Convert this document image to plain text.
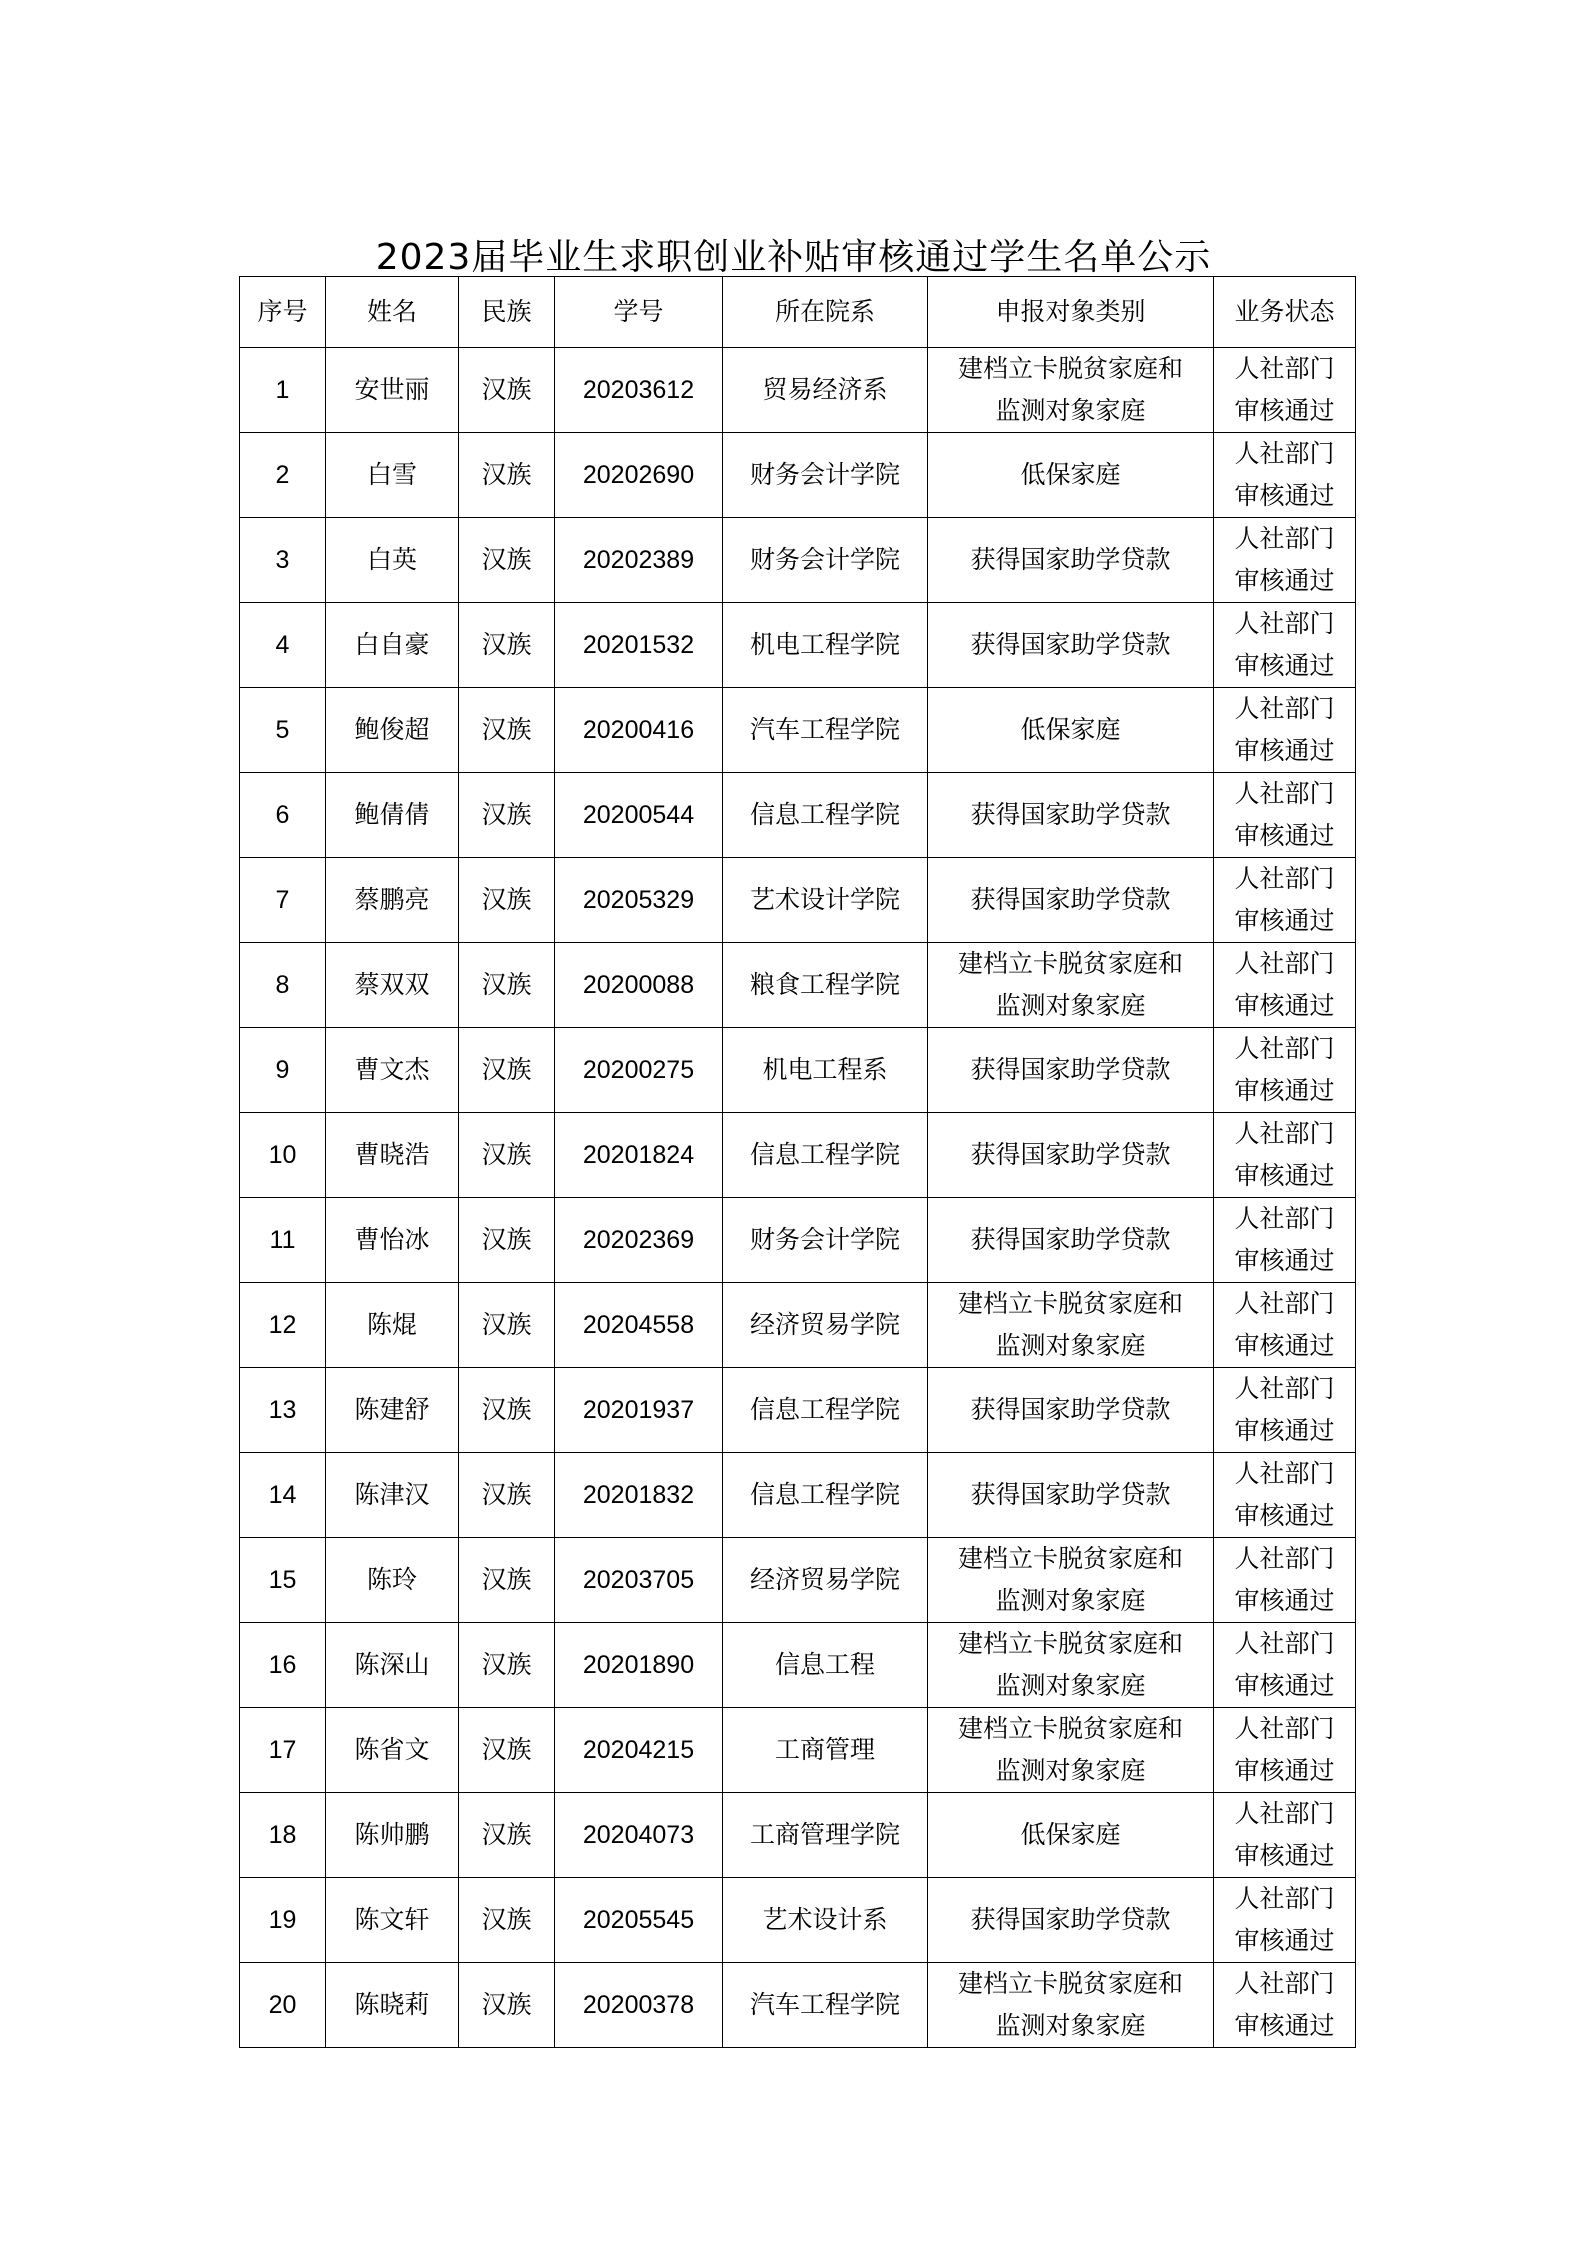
2023届毕业生求职创业补贴审核通过学生名单公示
序号	姓名	民族	学号	所在院系	申报对象类别	业务状态
1	安世丽	汉族	20203612	贸易经济系	建档立卡脱贫家庭和监测对象家庭	人社部门审核通过
2	白雪	汉族	20202690	财务会计学院	低保家庭	人社部门审核通过
3	白英	汉族	20202389	财务会计学院	获得国家助学贷款	人社部门审核通过
4	白自豪	汉族	20201532	机电工程学院	获得国家助学贷款	人社部门审核通过
5	鲍俊超	汉族	20200416	汽车工程学院	低保家庭	人社部门审核通过
6	鲍倩倩	汉族	20200544	信息工程学院	获得国家助学贷款	人社部门审核通过
7	蔡鹏亮	汉族	20205329	艺术设计学院	获得国家助学贷款	人社部门审核通过
8	蔡双双	汉族	20200088	粮食工程学院	建档立卡脱贫家庭和监测对象家庭	人社部门审核通过
9	曹文杰	汉族	20200275	机电工程系	获得国家助学贷款	人社部门审核通过
10	曹晓浩	汉族	20201824	信息工程学院	获得国家助学贷款	人社部门审核通过
11	曹怡冰	汉族	20202369	财务会计学院	获得国家助学贷款	人社部门审核通过
12	陈焜	汉族	20204558	经济贸易学院	建档立卡脱贫家庭和监测对象家庭	人社部门审核通过
13	陈建舒	汉族	20201937	信息工程学院	获得国家助学贷款	人社部门审核通过
14	陈津汉	汉族	20201832	信息工程学院	获得国家助学贷款	人社部门审核通过
15	陈玲	汉族	20203705	经济贸易学院	建档立卡脱贫家庭和监测对象家庭	人社部门审核通过
16	陈深山	汉族	20201890	信息工程	建档立卡脱贫家庭和监测对象家庭	人社部门审核通过
17	陈省文	汉族	20204215	工商管理	建档立卡脱贫家庭和监测对象家庭	人社部门审核通过
18	陈帅鹏	汉族	20204073	工商管理学院	低保家庭	人社部门审核通过
19	陈文轩	汉族	20205545	艺术设计系	获得国家助学贷款	人社部门审核通过
20	陈晓莉	汉族	20200378	汽车工程学院	建档立卡脱贫家庭和监测对象家庭	人社部门审核通过
